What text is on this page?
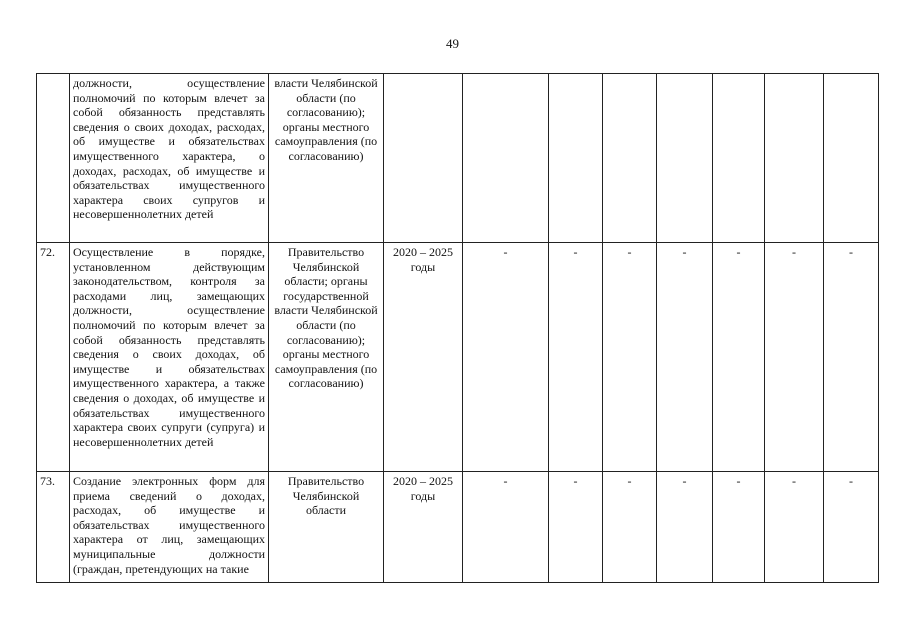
49
	должности, осуществление полномочий по которым влечет за собой обязанность представлять сведения о своих доходах, расходах, об имуществе и обязательствах имущественного характера, о доходах, расходах, об имуществе и обязательствах имущественного характера своих супругов и несовершеннолетних детей	власти Челябинской области (по согласованию); органы местного самоуправления (по согласованию)								
72.	Осуществление в порядке, установленном действующим законодательством, контроля за расходами лиц, замещающих должности, осуществление полномочий по которым влечет за собой обязанность представлять сведения о своих доходах, об имуществе и обязательствах имущественного характера, а также сведения о доходах, об имуществе и обязательствах имущественного характера своих супруги (супруга) и несовершеннолетних детей	Правительство Челябинской области; органы государственной власти Челябинской области (по согласованию); органы местного самоуправления (по согласованию)	2020 – 2025 годы	-	-	-	-	-	-	-
73.	Создание электронных форм для приема сведений о доходах, расходах, об имуществе и обязательствах имущественного характера от лиц, замещающих муниципальные должности (граждан, претендующих на такие	Правительство Челябинской области	2020 – 2025 годы	-	-	-	-	-	-	-
